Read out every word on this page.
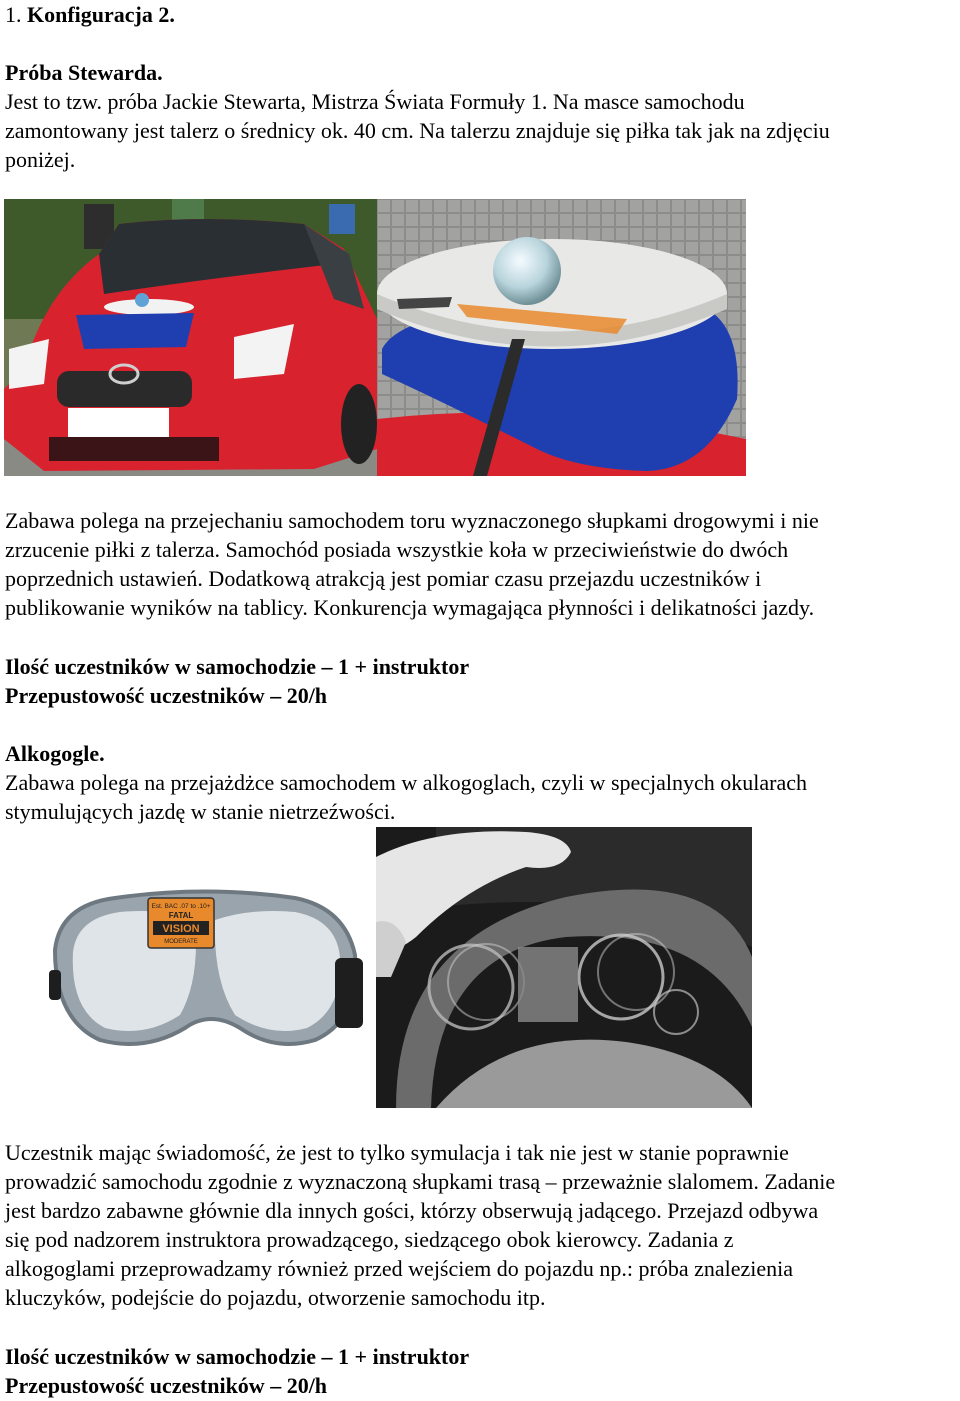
1. Konfiguracja 2.

Próba Stewarda.

Jest to tzw. próba Jackie Stewarta, Mistrza Świata Formuły 1. Na masce samochodu

zamontowany jest talerz o średnicy ok. 40 cm. Na talerzu znajduje się piłka tak jak na zdjęciu

poniżej.

Zabawa polega na przejechaniu samochodem toru wyznaczonego słupkami drogowymi i nie

zrzucenie piłki z talerza. Samochód posiada wszystkie koła w przeciwieństwie do dwóch

poprzednich ustawień. Dodatkową atrakcją jest pomiar czasu przejazdu uczestników i

publikowanie wyników na tablicy. Konkurencja wymagająca płynności i delikatności jazdy.

Ilość uczestników w samochodzie – 1 + instruktor

Przepustowość uczestników – 20/h

Alkogogle.

Zabawa polega na przejażdżce samochodem w alkogoglach, czyli w specjalnych okularach

stymulujących jazdę w stanie nietrzeźwości.

Est. BAC .07 to .10+
FATAL
VISION
MODERATE

Uczestnik mając świadomość, że jest to tylko symulacja i tak nie jest w stanie poprawnie

prowadzić samochodu zgodnie z wyznaczoną słupkami trasą – przeważnie slalomem. Zadanie

jest bardzo zabawne głównie dla innych gości, którzy obserwują jadącego. Przejazd odbywa

się pod nadzorem instruktora prowadzącego, siedzącego obok kierowcy. Zadania z

alkogoglami przeprowadzamy również przed wejściem do pojazdu np.: próba znalezienia

kluczyków, podejście do pojazdu, otworzenie samochodu itp.

Ilość uczestników w samochodzie – 1 + instruktor

Przepustowość uczestników – 20/h
